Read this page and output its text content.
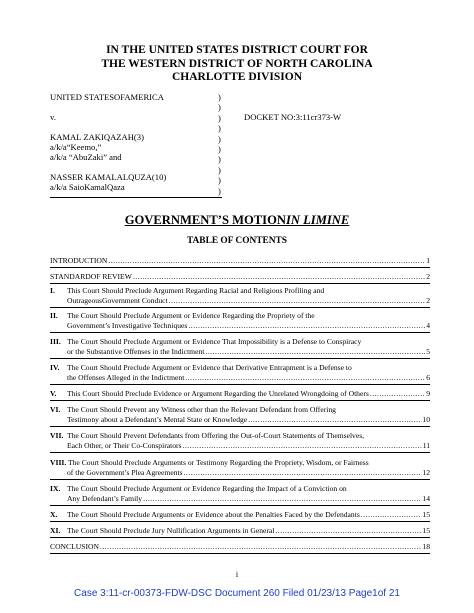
IN THE UNITED STATES DISTRICT COURT FOR
THE WESTERN DISTRICT OF NORTH CAROLINA
CHARLOTTE DIVISION
UNITED STATESOFAMERICA
v.
KAMAL ZAKIQAZAH(3)
a/k/a“Keemo,”
a/k/a “AbuZaki” and
NASSER KAMALALQUZA(10)
a/k/a SaioKamalQaza
)
)
)
)
)
)
)
)
)
)
DOCKET NO:3:11cr373-W
GOVERNMENT’S MOTIONIN LIMINE
TABLE OF CONTENTS
INTRODUCTION .....	1
STANDARDOF REVIEW .....	2
I.	This Court Should Preclude Argument Regarding Racial and Religious Profiling and
OutrageousGovernment Conduct .....	2
II.	The Court Should Preclude Argument or Evidence Regarding the Propriety of the
Government’s Investigative Techniques .....	4
III. The Court Should Preclude Argument or Evidence That Impossibility is a Defense to Conspiracy
or the Substantive Offenses in the Indictment .....	5
IV.	The Court Should Preclude Argument or Evidence that Derivative Entrapment is a Defense to
the Offenses Alleged in the Indictment .....	6
V.	This Court Should Preclude Evidence or Argument Regarding the Unrelated Wrongdoing of Others .....	9
VI. The Court Should Prevent any Witness other than the Relevant Defendant from Offering
Testimony about a Defendant’s Mental State or Knowledge .....	10
VII. The Court Should Prevent Defendants from Offering the Out-of-Court Statements of Themselves,
Each Other, or Their Co-Conspirators .....	11
VIII. The Court Should Preclude Arguments or Testimony Regarding the Propriety, Wisdom, or Fairness
of the Government’s Plea Agreements .....	12
IX. The Court Should Preclude Argument or Evidence Regarding the Impact of a Conviction on
Any Defendant’s Family .....	14
X.	The Court Should Preclude Arguments or Evidence about the Penalties Faced by the Defendants .....	15
XI. The Court Should Preclude Jury Nullification Arguments in General .....	15
CONCLUSION .....	18
i
Case 3:11-cr-00373-FDW-DSC Document 260 Filed 01/23/13 Page1of 21
